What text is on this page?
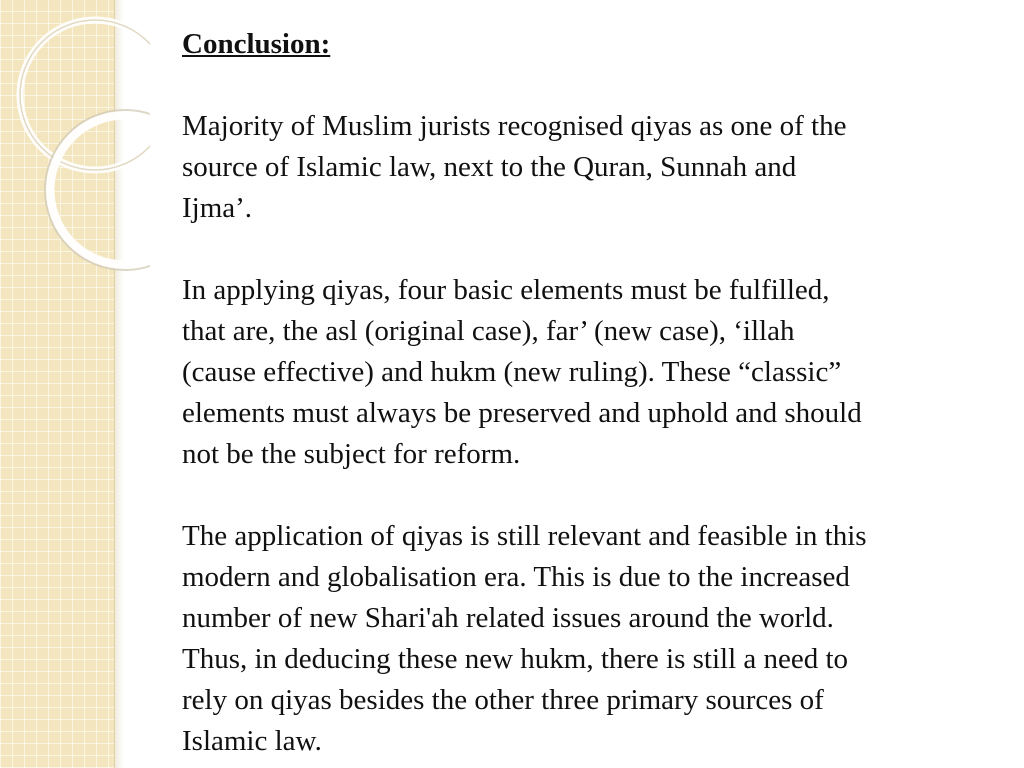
Conclusion:

Majority of Muslim jurists recognised qiyas as one of the
source of Islamic law, next to the Quran, Sunnah and
Ijma’.

In applying qiyas, four basic elements must be fulfilled,
that are, the asl (original case), far’ (new case), ‘illah
(cause effective) and hukm (new ruling). These “classic”
elements must always be preserved and uphold and should
not be the subject for reform.

The application of qiyas is still relevant and feasible in this
modern and globalisation era. This is due to the increased
number of new Shari'ah related issues around the world.
Thus, in deducing these new hukm, there is still a need to
rely on qiyas besides the other three primary sources of
Islamic law.
